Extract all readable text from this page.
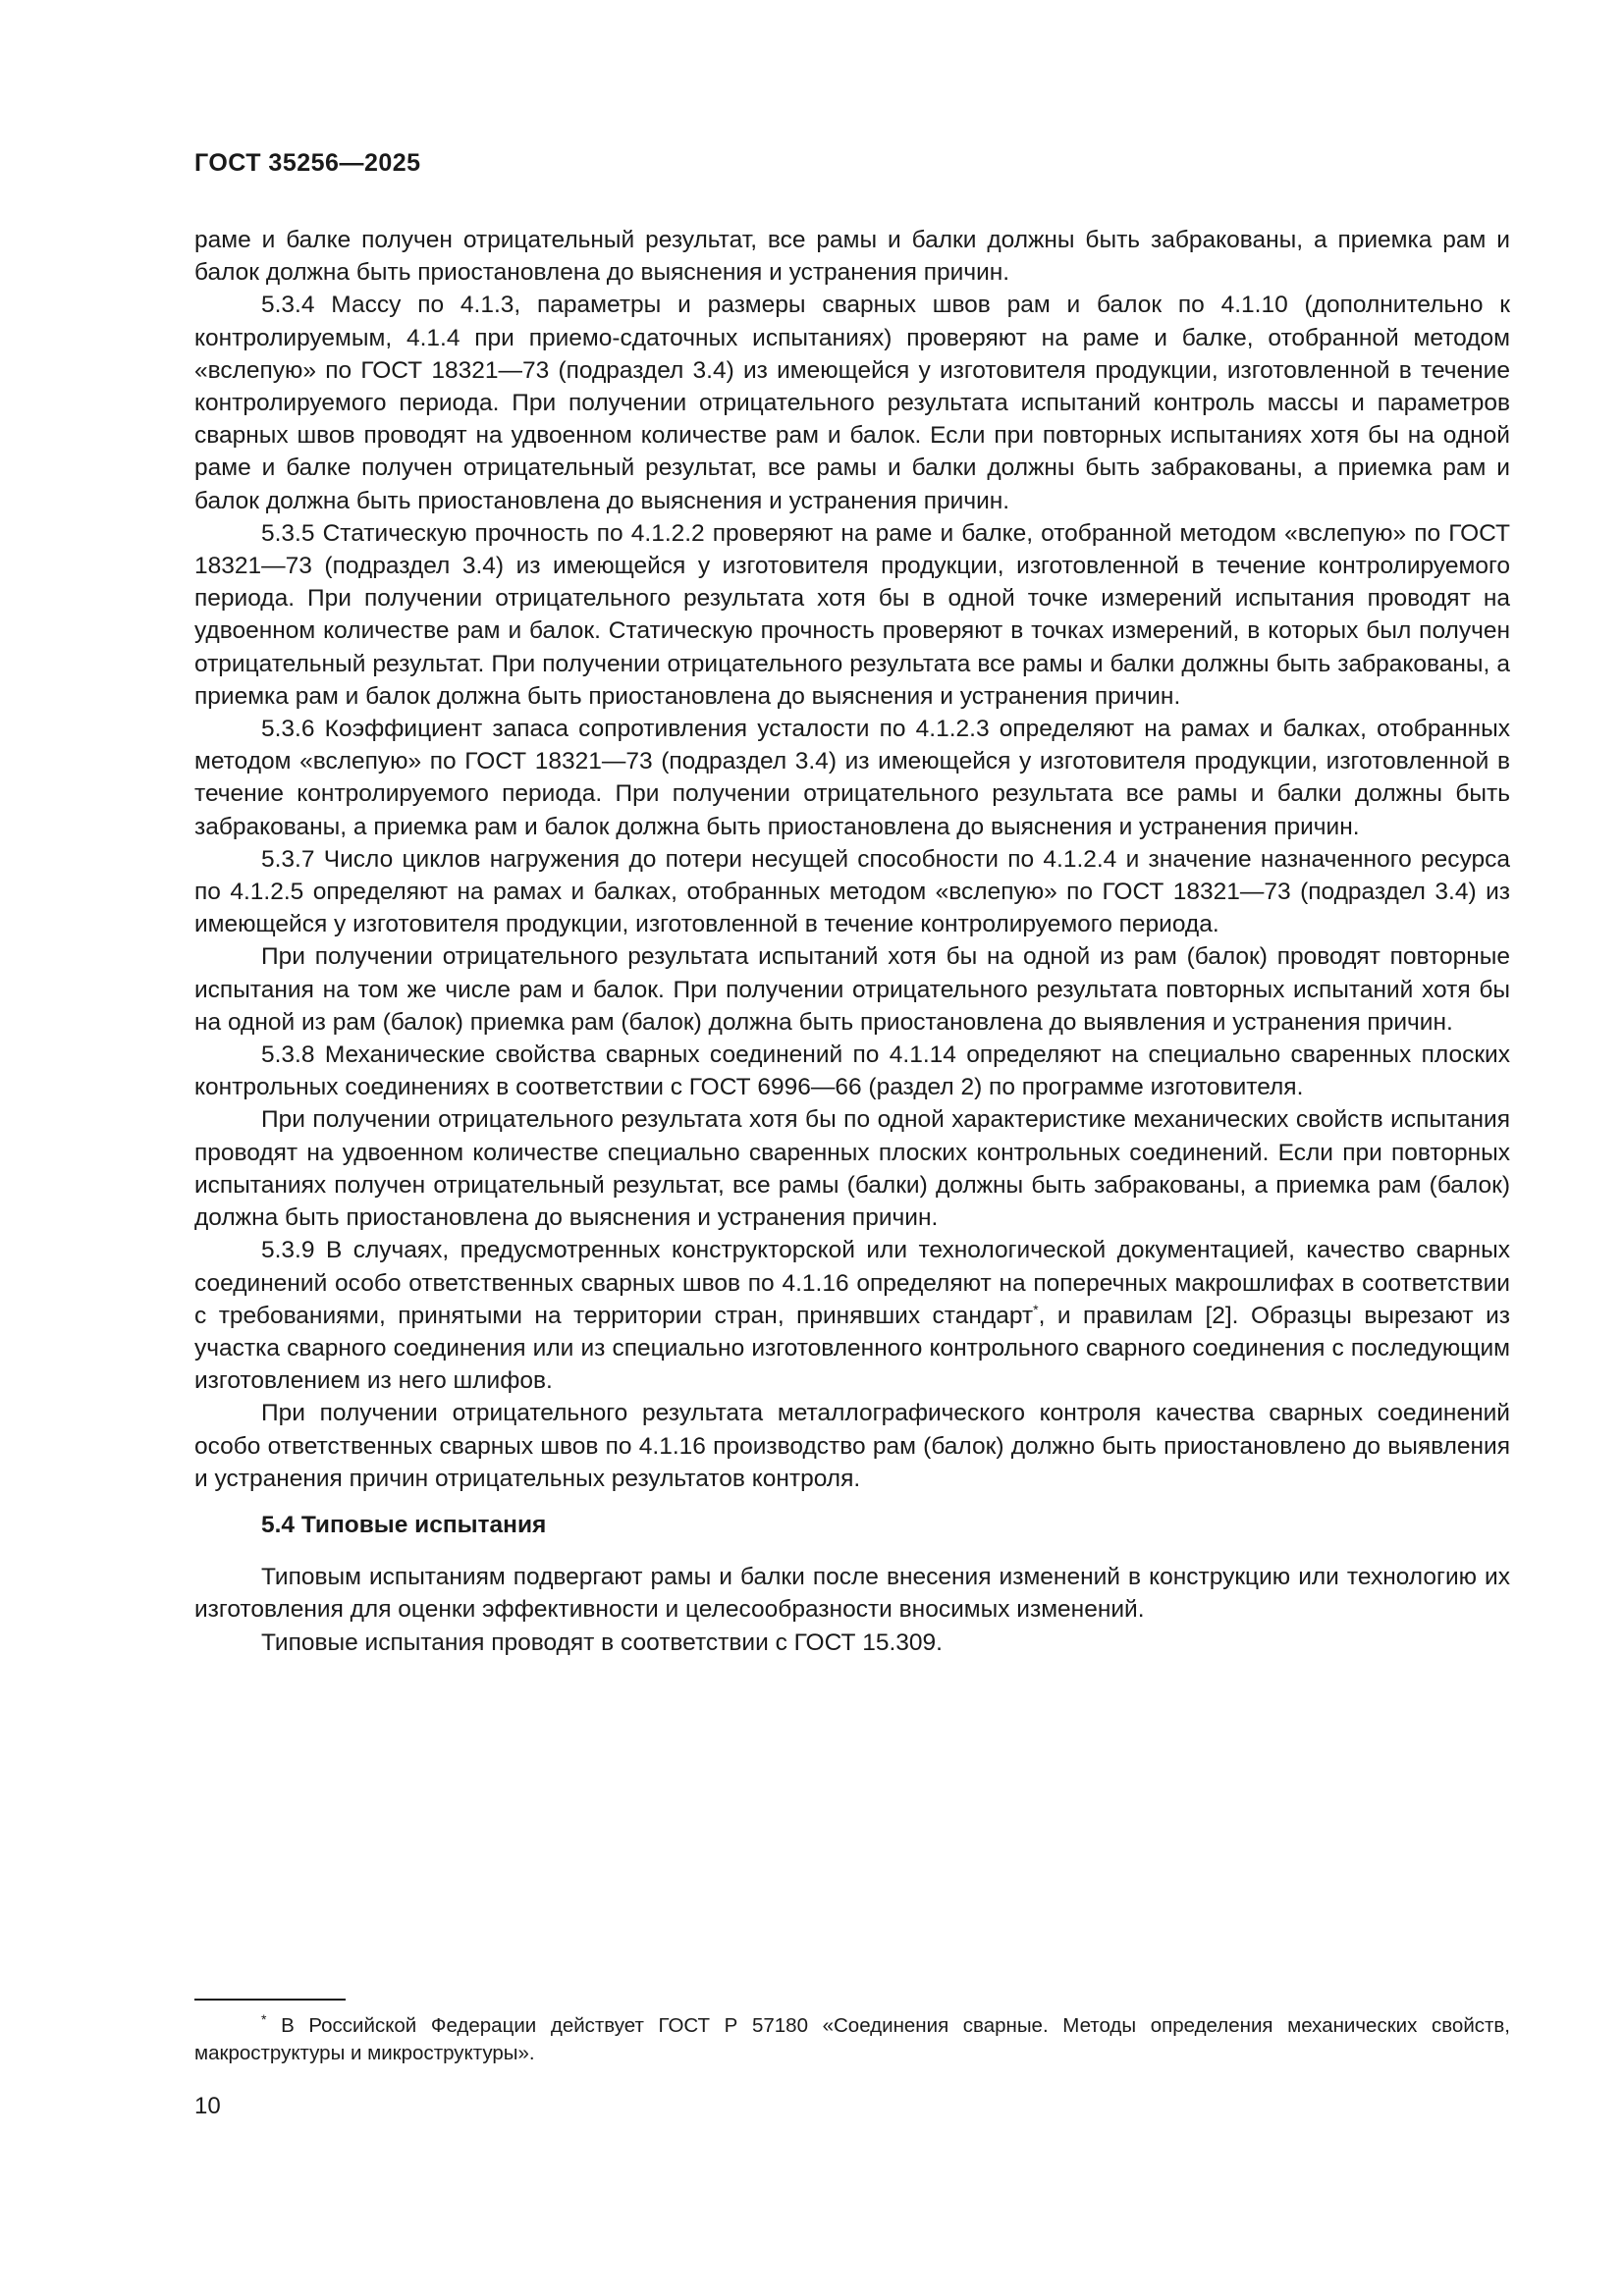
ГОСТ 35256—2025

раме и балке получен отрицательный результат, все рамы и балки должны быть забракованы, а приемка рам и балок должна быть приостановлена до выяснения и устранения причин.

5.3.4 Массу по 4.1.3, параметры и размеры сварных швов рам и балок по 4.1.10 (дополнительно к контролируемым, 4.1.4 при приемо-сдаточных испытаниях) проверяют на раме и балке, отобранной методом «вслепую» по ГОСТ 18321—73 (подраздел 3.4) из имеющейся у изготовителя продукции, изготовленной в течение контролируемого периода. При получении отрицательного результата испытаний контроль массы и параметров сварных швов проводят на удвоенном количестве рам и балок. Если при повторных испытаниях хотя бы на одной раме и балке получен отрицательный результат, все рамы и балки должны быть забракованы, а приемка рам и балок должна быть приостановлена до выяснения и устранения причин.

5.3.5 Статическую прочность по 4.1.2.2 проверяют на раме и балке, отобранной методом «вслепую» по ГОСТ 18321—73 (подраздел 3.4) из имеющейся у изготовителя продукции, изготовленной в течение контролируемого периода. При получении отрицательного результата хотя бы в одной точке измерений испытания проводят на удвоенном количестве рам и балок. Статическую прочность проверяют в точках измерений, в которых был получен отрицательный результат. При получении отрицательного результата все рамы и балки должны быть забракованы, а приемка рам и балок должна быть приостановлена до выяснения и устранения причин.

5.3.6 Коэффициент запаса сопротивления усталости по 4.1.2.3 определяют на рамах и балках, отобранных методом «вслепую» по ГОСТ 18321—73 (подраздел 3.4) из имеющейся у изготовителя продукции, изготовленной в течение контролируемого периода. При получении отрицательного результата все рамы и балки должны быть забракованы, а приемка рам и балок должна быть приостановлена до выяснения и устранения причин.

5.3.7 Число циклов нагружения до потери несущей способности по 4.1.2.4 и значение назначенного ресурса по 4.1.2.5 определяют на рамах и балках, отобранных методом «вслепую» по ГОСТ 18321—73 (подраздел 3.4) из имеющейся у изготовителя продукции, изготовленной в течение контролируемого периода.

При получении отрицательного результата испытаний хотя бы на одной из рам (балок) проводят повторные испытания на том же числе рам и балок. При получении отрицательного результата повторных испытаний хотя бы на одной из рам (балок) приемка рам (балок) должна быть приостановлена до выявления и устранения причин.

5.3.8 Механические свойства сварных соединений по 4.1.14 определяют на специально сваренных плоских контрольных соединениях в соответствии с ГОСТ 6996—66 (раздел 2) по программе изготовителя.

При получении отрицательного результата хотя бы по одной характеристике механических свойств испытания проводят на удвоенном количестве специально сваренных плоских контрольных соединений. Если при повторных испытаниях получен отрицательный результат, все рамы (балки) должны быть забракованы, а приемка рам (балок) должна быть приостановлена до выяснения и устранения причин.

5.3.9 В случаях, предусмотренных конструкторской или технологической документацией, качество сварных соединений особо ответственных сварных швов по 4.1.16 определяют на поперечных макрошлифах в соответствии с требованиями, принятыми на территории стран, принявших стандарт*, и правилам [2]. Образцы вырезают из участка сварного соединения или из специально изготовленного контрольного сварного соединения с последующим изготовлением из него шлифов.

При получении отрицательного результата металлографического контроля качества сварных соединений особо ответственных сварных швов по 4.1.16 производство рам (балок) должно быть приостановлено до выявления и устранения причин отрицательных результатов контроля.

5.4 Типовые испытания

Типовым испытаниям подвергают рамы и балки после внесения изменений в конструкцию или технологию их изготовления для оценки эффективности и целесообразности вносимых изменений.

Типовые испытания проводят в соответствии с ГОСТ 15.309.

* В Российской Федерации действует ГОСТ Р 57180 «Соединения сварные. Методы определения механических свойств, макроструктуры и микроструктуры».
10
